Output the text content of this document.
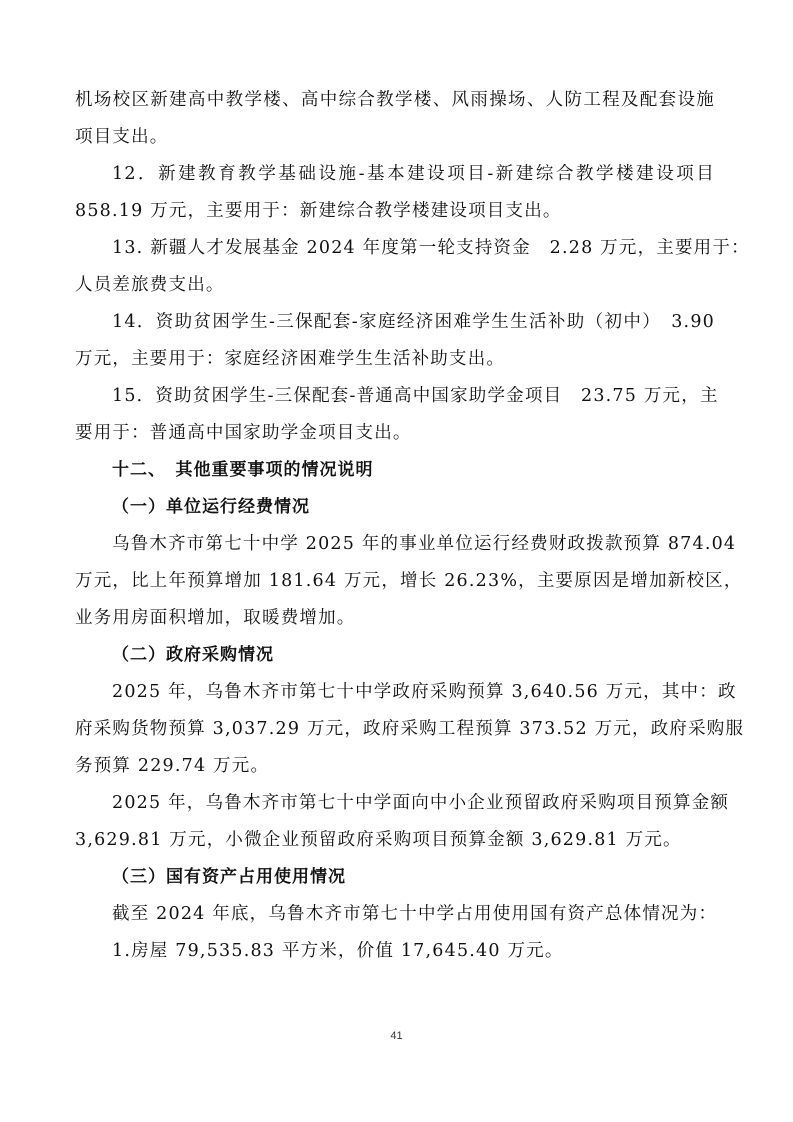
机场校区新建高中教学楼、高中综合教学楼、风雨操场、人防工程及配套设施
项目支出。
12．新建教育教学基础设施-基本建设项目-新建综合教学楼建设项目
858.19 万元，主要用于：新建综合教学楼建设项目支出。
13. 新疆人才发展基金 2024 年度第一轮支持资金　2.28 万元，主要用于：
人员差旅费支出。
14．资助贫困学生-三保配套-家庭经济困难学生生活补助（初中）　3.90
万元，主要用于：家庭经济困难学生生活补助支出。
15．资助贫困学生-三保配套-普通高中国家助学金项目　23.75 万元，主
要用于：普通高中国家助学金项目支出。
十二、　其他重要事项的情况说明
（一）单位运行经费情况
乌鲁木齐市第七十中学 2025 年的事业单位运行经费财政拨款预算 874.04
万元，比上年预算增加 181.64 万元，增长 26.23%，主要原因是增加新校区，
业务用房面积增加，取暖费增加。
（二）政府采购情况
2025 年，乌鲁木齐市第七十中学政府采购预算 3,640.56 万元，其中：政
府采购货物预算 3,037.29 万元，政府采购工程预算 373.52 万元，政府采购服
务预算 229.74 万元。
2025 年，乌鲁木齐市第七十中学面向中小企业预留政府采购项目预算金额
3,629.81 万元，小微企业预留政府采购项目预算金额 3,629.81 万元。
（三）国有资产占用使用情况
截至 2024 年底，乌鲁木齐市第七十中学占用使用国有资产总体情况为：
1.房屋 79,535.83 平方米，价值 17,645.40 万元。
41
